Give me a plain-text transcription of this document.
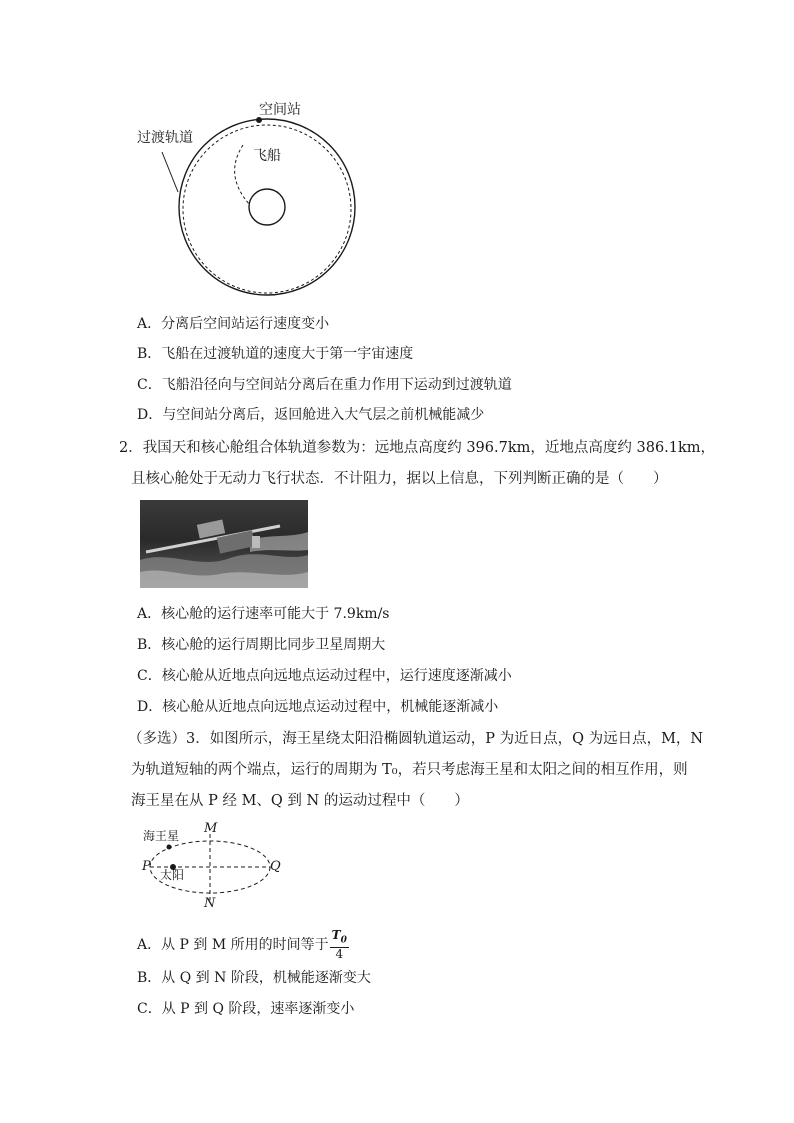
空间站
过渡轨道
飞船
A．分离后空间站运行速度变小
B．飞船在过渡轨道的速度大于第一宇宙速度
C．飞船沿径向与空间站分离后在重力作用下运动到过渡轨道
D．与空间站分离后，返回舱进入大气层之前机械能减少
2．我国天和核心舱组合体轨道参数为：远地点高度约 396.7km，近地点高度约 386.1km，
且核心舱处于无动力飞行状态．不计阻力，据以上信息，下列判断正确的是（　　）
A．核心舱的运行速率可能大于 7.9km/s
B．核心舱的运行周期比同步卫星周期大
C．核心舱从近地点向远地点运动过程中，运行速度逐渐减小
D．核心舱从近地点向远地点运动过程中，机械能逐渐减小
（多选）3．如图所示，海王星绕太阳沿椭圆轨道运动，P 为近日点，Q 为远日点，M，N
为轨道短轴的两个端点，运行的周期为 T₀，若只考虑海王星和太阳之间的相互作用，则
海王星在从 P 经 M、Q 到 N 的运动过程中（　　）
M
N
P	Q
海王星
太阳
A．从 P 到 M 所用的时间等于 $\frac{T_0}{4}$
B．从 Q 到 N 阶段，机械能逐渐变大
C．从 P 到 Q 阶段，速率逐渐变小
